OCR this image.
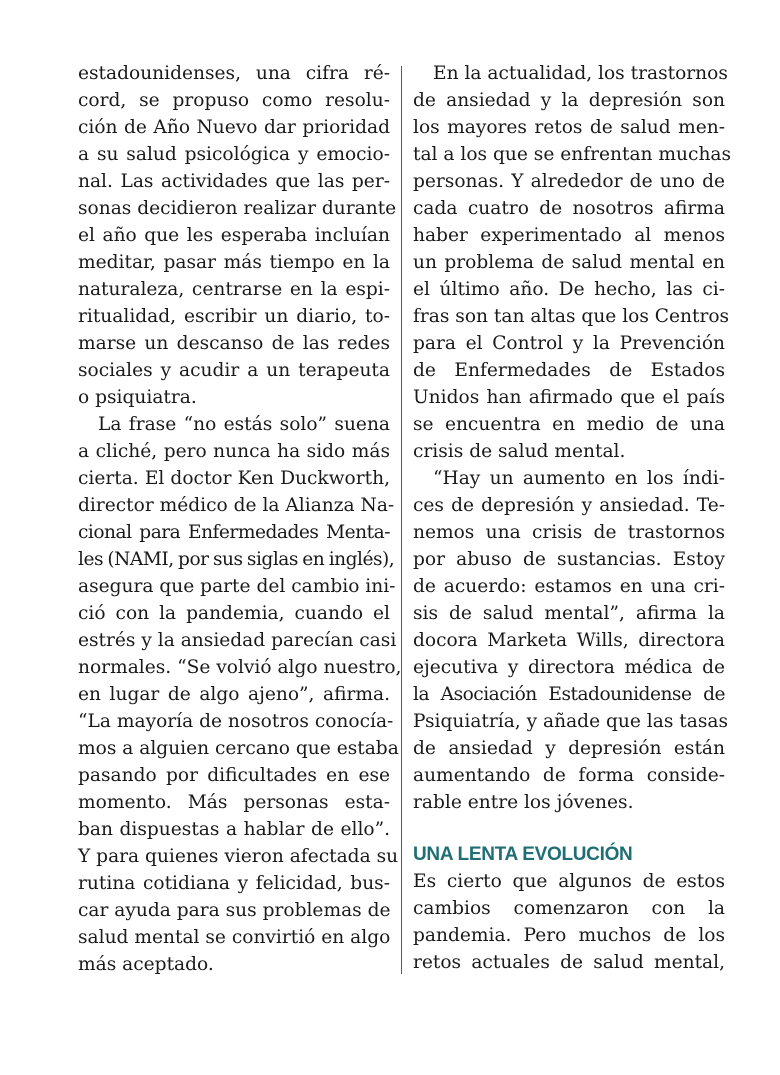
estadounidenses, una cifra ré-
cord, se propuso como resolu-
ción de Año Nuevo dar prioridad
a su salud psicológica y emocio-
nal. Las actividades que las per-
sonas decidieron realizar durante
el año que les esperaba incluían
meditar, pasar más tiempo en la
naturaleza, centrarse en la espi-
ritualidad, escribir un diario, to-
marse un descanso de las redes
sociales y acudir a un terapeuta
o psiquiatra.
La frase “no estás solo” suena
a cliché, pero nunca ha sido más
cierta. El doctor Ken Duckworth,
director médico de la Alianza Na-
cional para Enfermedades Menta-
les (NAMI, por sus siglas en inglés),
asegura que parte del cambio ini-
ció con la pandemia, cuando el
estrés y la ansiedad parecían casi
normales. “Se volvió algo nuestro,
en lugar de algo ajeno”, afirma.
“La mayoría de nosotros conocía-
mos a alguien cercano que estaba
pasando por dificultades en ese
momento. Más personas esta-
ban dispuestas a hablar de ello”.
Y para quienes vieron afectada su
rutina cotidiana y felicidad, bus-
car ayuda para sus problemas de
salud mental se convirtió en algo
más aceptado.
En la actualidad, los trastornos
de ansiedad y la depresión son
los mayores retos de salud men-
tal a los que se enfrentan muchas
personas. Y alrededor de uno de
cada cuatro de nosotros afirma
haber experimentado al menos
un problema de salud mental en
el último año. De hecho, las ci-
fras son tan altas que los Centros
para el Control y la Prevención
de Enfermedades de Estados
Unidos han afirmado que el país
se encuentra en medio de una
crisis de salud mental.
“Hay un aumento en los índi-
ces de depresión y ansiedad. Te-
nemos una crisis de trastornos
por abuso de sustancias. Estoy
de acuerdo: estamos en una cri-
sis de salud mental”, afirma la
docora Marketa Wills, directora
ejecutiva y directora médica de
la Asociación Estadounidense de
Psiquiatría, y añade que las tasas
de ansiedad y depresión están
aumentando de forma conside-
rable entre los jóvenes.
UNA LENTA EVOLUCIÓN
Es cierto que algunos de estos
cambios comenzaron con la
pandemia. Pero muchos de los
retos actuales de salud mental,
